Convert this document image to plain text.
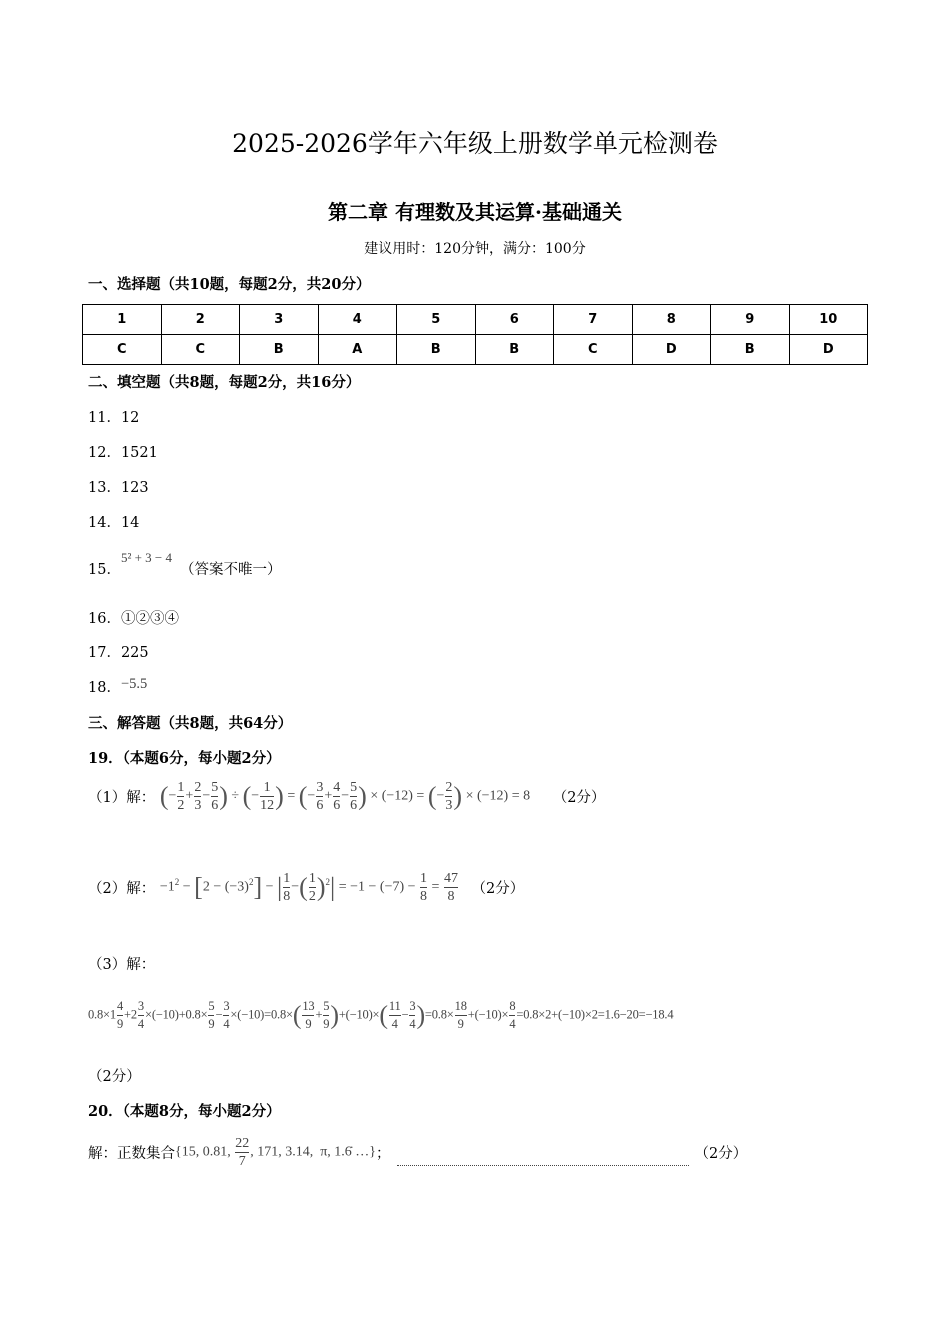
2025-2026学年六年级上册数学单元检测卷
第二章 有理数及其运算·基础通关
建议用时：120分钟，满分：100分
一、选择题（共10题，每题2分，共20分）
1	2	3	4	5	6	7	8	9	10
C	C	B	A	B	B	C	D	B	D
二、填空题（共8题，每题2分，共16分）
11．12
12．1521
13．123
14．14
15．5² + 3 − 4（答案不唯一）
16．①②③④
17．225
18．−5.5
三、解答题（共8题，共64分）
19．（本题6分，每小题2分）
（1）解： (− $\frac{1}{2} + \frac{2}{3} - \frac{5}{6}$ ) ÷ (− $\frac{1}{12}$ ) = (− $\frac{3}{6} + \frac{4}{6} - \frac{5}{6}$ ) × (−12) = (− $\frac{2}{3}$ ) × (−12) = 8 （2分）
（2）解： $-1^2 - [2 - (-3)^2]$ − | $\frac{1}{8}$ −( $\frac{1}{2} )^2| = -1 - (-7) - \frac{1}{8} = \frac{47}{8} (2$分）
（3）解：
$0.8\times 1 \frac{4}{9} +2 \frac{3}{4} \times(-10)+0.8\times \frac{5}{9} - \frac{3}{4} \times(-10)=0.8\times( \frac{13}{9} + \frac{5}{9} )+(-10)\times( \frac{11}{4} - \frac{3}{4} )=0.8\times \frac{18}{9} +(-10)\times \frac{8}{4} =0.8\times 2+(-10)\times 2=1.6-20=-18.4$
（2分）
20．（本题8分，每小题2分）
解：正数集合{15, 0.81, $\frac{22}{7}$ , 171, 3.14,  π, 1.6̇ …}；	（2分）
